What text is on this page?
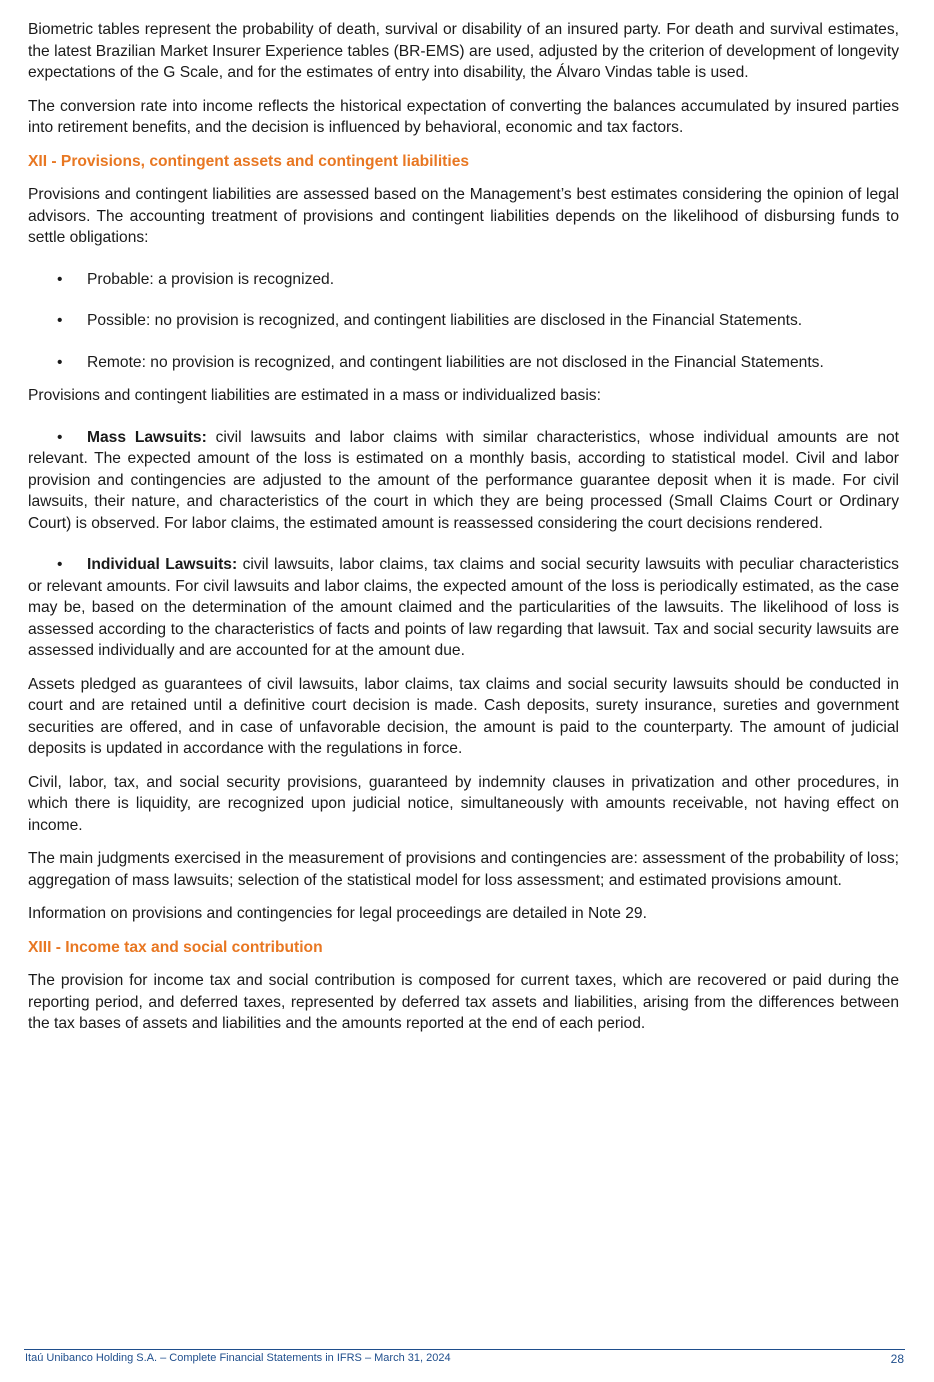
Biometric tables represent the probability of death, survival or disability of an insured party. For death and survival estimates, the latest Brazilian Market Insurer Experience tables (BR-EMS) are used, adjusted by the criterion of development of longevity expectations of the G Scale, and for the estimates of entry into disability, the Álvaro Vindas table is used.

The conversion rate into income reflects the historical expectation of converting the balances accumulated by insured parties into retirement benefits, and the decision is influenced by behavioral, economic and tax factors.

XII - Provisions, contingent assets and contingent liabilities

Provisions and contingent liabilities are assessed based on the Management’s best estimates considering the opinion of legal advisors. The accounting treatment of provisions and contingent liabilities depends on the likelihood of disbursing funds to settle obligations:

• Probable: a provision is recognized.

• Possible: no provision is recognized, and contingent liabilities are disclosed in the Financial Statements.

• Remote: no provision is recognized, and contingent liabilities are not disclosed in the Financial Statements.

Provisions and contingent liabilities are estimated in a mass or individualized basis:

• Mass Lawsuits: civil lawsuits and labor claims with similar characteristics, whose individual amounts are not relevant. The expected amount of the loss is estimated on a monthly basis, according to statistical model. Civil and labor provision and contingencies are adjusted to the amount of the performance guarantee deposit when it is made. For civil lawsuits, their nature, and characteristics of the court in which they are being processed (Small Claims Court or Ordinary Court) is observed. For labor claims, the estimated amount is reassessed considering the court decisions rendered.

• Individual Lawsuits: civil lawsuits, labor claims, tax claims and social security lawsuits with peculiar characteristics or relevant amounts. For civil lawsuits and labor claims, the expected amount of the loss is periodically estimated, as the case may be, based on the determination of the amount claimed and the particularities of the lawsuits. The likelihood of loss is assessed according to the characteristics of facts and points of law regarding that lawsuit. Tax and social security lawsuits are assessed individually and are accounted for at the amount due.

Assets pledged as guarantees of civil lawsuits, labor claims, tax claims and social security lawsuits should be conducted in court and are retained until a definitive court decision is made. Cash deposits, surety insurance, sureties and government securities are offered, and in case of unfavorable decision, the amount is paid to the counterparty. The amount of judicial deposits is updated in accordance with the regulations in force.

Civil, labor, tax, and social security provisions, guaranteed by indemnity clauses in privatization and other procedures, in which there is liquidity, are recognized upon judicial notice, simultaneously with amounts receivable, not having effect on income.

The main judgments exercised in the measurement of provisions and contingencies are: assessment of the probability of loss; aggregation of mass lawsuits; selection of the statistical model for loss assessment; and estimated provisions amount.

Information on provisions and contingencies for legal proceedings are detailed in Note 29.

XIII - Income tax and social contribution

The provision for income tax and social contribution is composed for current taxes, which are recovered or paid during the reporting period, and deferred taxes, represented by deferred tax assets and liabilities, arising from the differences between the tax bases of assets and liabilities and the amounts reported at the end of each period.

Itaú Unibanco Holding S.A. – Complete Financial Statements in IFRS – March 31, 2024	28
